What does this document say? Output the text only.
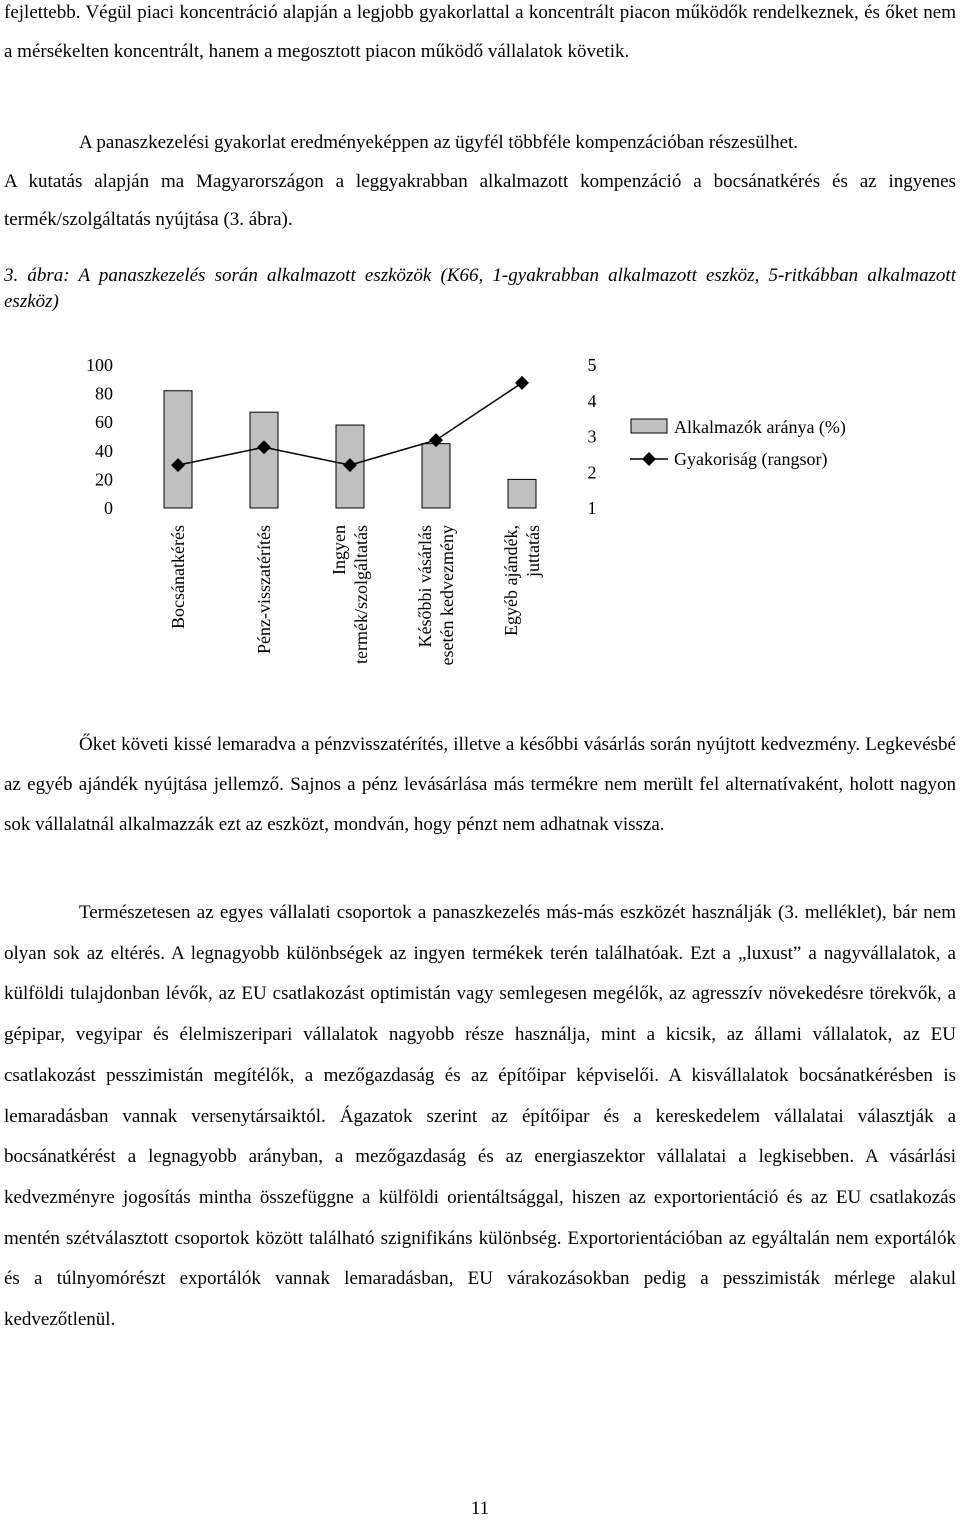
fejlettebb. Végül piaci koncentráció alapján a legjobb gyakorlattal a koncentrált piacon működők rendelkeznek, és őket nem a mérsékelten koncentrált, hanem a megosztott piacon működő vállalatok követik.

A panaszkezelési gyakorlat eredményeképpen az ügyfél többféle kompenzációban részesülhet.

A kutatás alapján ma Magyarországon a leggyakrabban alkalmazott kompenzáció a bocsánatkérés és az ingyenes termék/szolgáltatás nyújtása (3. ábra).

3. ábra: A panaszkezelés során alkalmazott eszközök (K66, 1-gyakrabban alkalmazott eszköz, 5-ritkábban alkalmazott eszköz)

100
80
60
40
20
0
5
4
3
2
1
Bocsánatkérés	Pénz-visszatérítés	Ingyen termék/szolgáltatás Későbbi vásárlás esetén kedvezmény Egyéb ajándék, juttatás
Alkalmazók aránya (%)
Gyakoriság (rangsor)

Őket követi kissé lemaradva a pénzvisszatérítés, illetve a későbbi vásárlás során nyújtott kedvezmény. Legkevésbé az egyéb ajándék nyújtása jellemző. Sajnos a pénz levásárlása más termékre nem merült fel alternatívaként, holott nagyon sok vállalatnál alkalmazzák ezt az eszközt, mondván, hogy pénzt nem adhatnak vissza.

Természetesen az egyes vállalati csoportok a panaszkezelés más-más eszközét használják (3. melléklet), bár nem olyan sok az eltérés. A legnagyobb különbségek az ingyen termékek terén találhatóak. Ezt a „luxust” a nagyvállalatok, a külföldi tulajdonban lévők, az EU csatlakozást optimistán vagy semlegesen megélők, az agresszív növekedésre törekvők, a gépipar, vegyipar és élelmiszeripari vállalatok nagyobb része használja, mint a kicsik, az állami vállalatok, az EU csatlakozást pesszimistán megítélők, a mezőgazdaság és az építőipar képviselői. A kisvállalatok bocsánatkérésben is lemaradásban vannak versenytársaiktól. Ágazatok szerint az építőipar és a kereskedelem vállalatai választják a bocsánatkérést a legnagyobb arányban, a mezőgazdaság és az energiaszektor vállalatai a legkisebben. A vásárlási kedvezményre jogosítás mintha összefüggne a külföldi orientáltsággal, hiszen az exportorientáció és az EU csatlakozás mentén szétválasztott csoportok között található szignifikáns különbség. Exportorientációban az egyáltalán nem exportálók és a túlnyomórészt exportálók vannak lemaradásban, EU várakozásokban pedig a pesszimisták mérlege alakul kedvezőtlenül.

11
